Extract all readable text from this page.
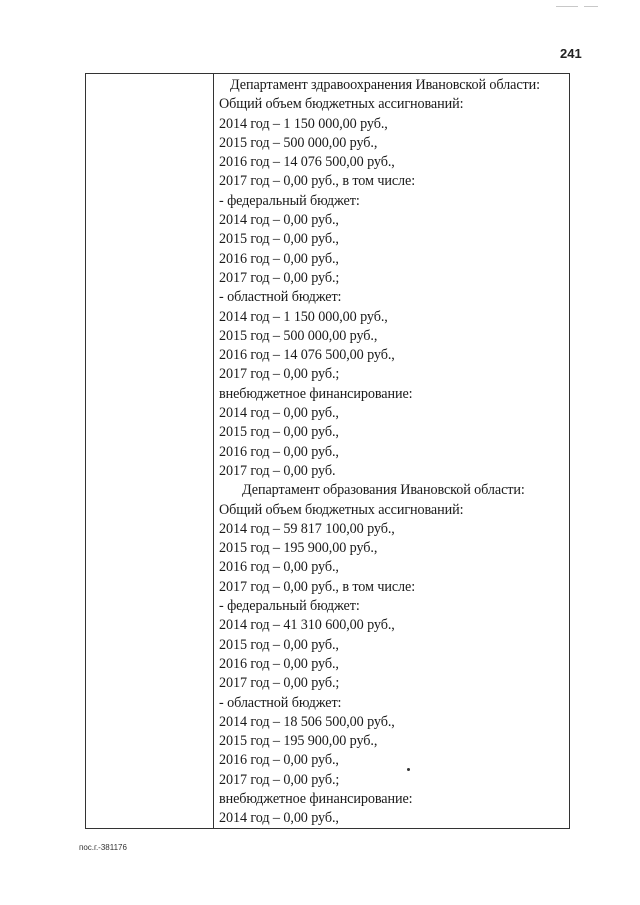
241
Департамент здравоохранения Ивановской области:
Общий объем бюджетных ассигнований:
2014 год – 1 150 000,00 руб.,
2015 год – 500 000,00 руб.,
2016 год – 14 076 500,00 руб.,
2017 год – 0,00 руб., в том числе:
- федеральный бюджет:
2014 год – 0,00 руб.,
2015 год – 0,00 руб.,
2016 год – 0,00 руб.,
2017 год – 0,00 руб.;
- областной бюджет:
2014 год – 1 150 000,00 руб.,
2015 год – 500 000,00 руб.,
2016 год – 14 076 500,00 руб.,
2017 год – 0,00 руб.;
внебюджетное финансирование:
2014 год – 0,00 руб.,
2015 год – 0,00 руб.,
2016 год – 0,00 руб.,
2017 год – 0,00 руб.
Департамент образования Ивановской области:
Общий объем бюджетных ассигнований:
2014 год – 59 817 100,00 руб.,
2015 год – 195 900,00 руб.,
2016 год – 0,00 руб.,
2017 год – 0,00 руб., в том числе:
- федеральный бюджет:
2014 год – 41 310 600,00 руб.,
2015 год – 0,00 руб.,
2016 год – 0,00 руб.,
2017 год – 0,00 руб.;
- областной бюджет:
2014 год – 18 506 500,00 руб.,
2015 год – 195 900,00 руб.,
2016 год – 0,00 руб.,
2017 год – 0,00 руб.;
внебюджетное финансирование:
2014 год – 0,00 руб.,
пос.г.-381176
